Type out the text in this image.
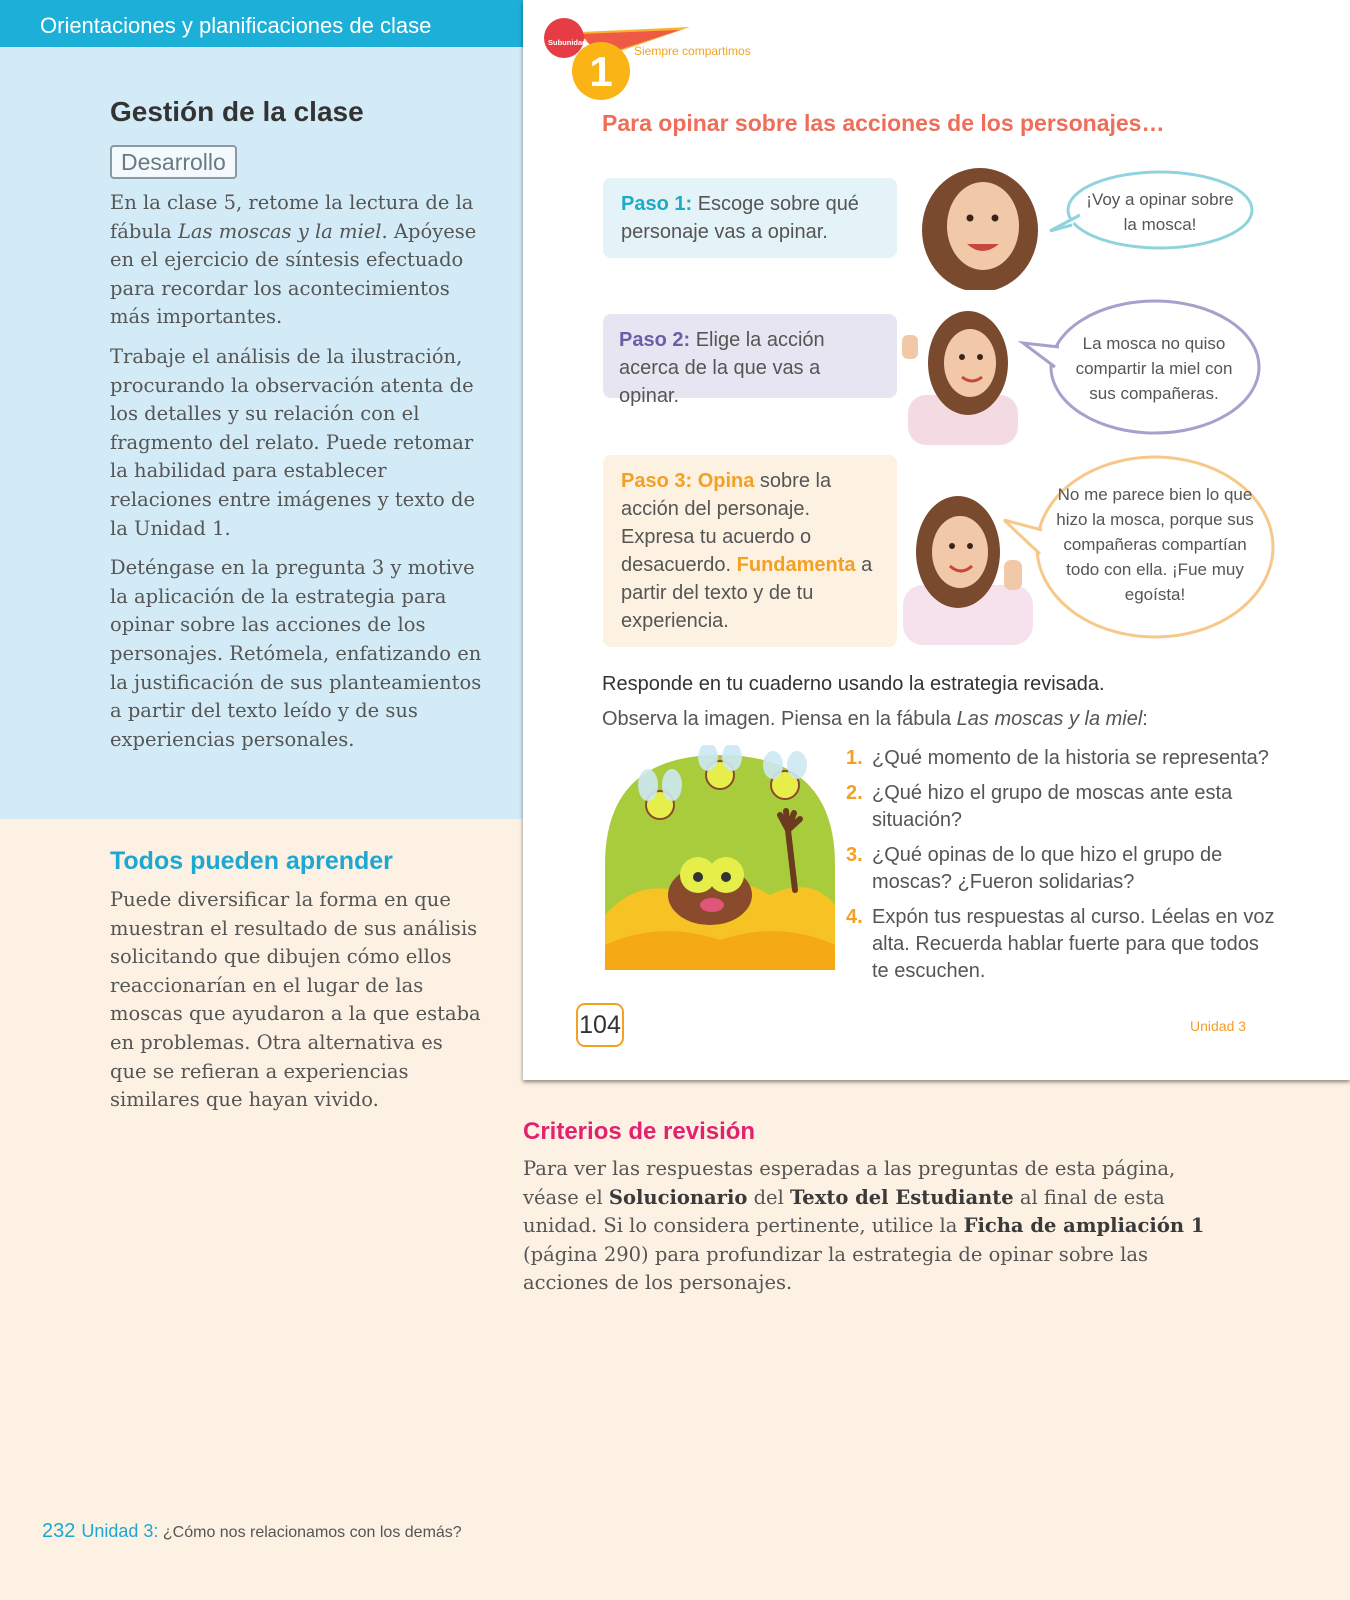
Orientaciones y planificaciones de clase
Gestión de la clase
Desarrollo

En la clase 5, retome la lectura de la fábula Las moscas y la miel. Apóyese en el ejercicio de síntesis efectuado para recordar los acontecimientos más importantes.

Trabaje el análisis de la ilustración, procurando la observación atenta de los detalles y su relación con el fragmento del relato. Puede retomar la habilidad para establecer relaciones entre imágenes y texto de la Unidad 1.

Deténgase en la pregunta 3 y motive la aplicación de la estrategia para opinar sobre las acciones de los personajes. Retómela, enfatizando en la justificación de sus planteamientos a partir del texto leído y de sus experiencias personales.

Todos pueden aprender
Puede diversificar la forma en que muestran el resultado de sus análisis solicitando que dibujen cómo ellos reaccionarían en el lugar de las moscas que ayudaron a la que estaba en problemas. Otra alternativa es que se refieran a experiencias similares que hayan vivido.
Subunidad
1	Siempre compartimos
Para opinar sobre las acciones de los personajes…
Paso 1: Escoge sobre qué personaje vas a opinar.
Paso 2: Elige la acción acerca de la que vas a opinar.
Paso 3: Opina sobre la acción del personaje. Expresa tu acuerdo o desacuerdo. Fundamenta a partir del texto y de tu experiencia.
¡Voy a opinar sobre la mosca!
La mosca no quiso compartir la miel con sus compañeras.
No me parece bien lo que hizo la mosca, porque sus compañeras compartían todo con ella. ¡Fue muy egoísta!
Responde en tu cuaderno usando la estrategia revisada.
Observa la imagen. Piensa en la fábula Las moscas y la miel:
1. ¿Qué momento de la historia se representa?
2. ¿Qué hizo el grupo de moscas ante esta situación?
3. ¿Qué opinas de lo que hizo el grupo de moscas? ¿Fueron solidarias?
4. Expón tus respuestas al curso. Léelas en voz alta. Recuerda hablar fuerte para que todos te escuchen.
104	Unidad 3
Criterios de revisión
Para ver las respuestas esperadas a las preguntas de esta página, véase el Solucionario del Texto del Estudiante al final de esta unidad. Si lo considera pertinente, utilice la Ficha de ampliación 1 (página 290) para profundizar la estrategia de opinar sobre las acciones de los personajes.
232 Unidad 3: ¿Cómo nos relacionamos con los demás?
